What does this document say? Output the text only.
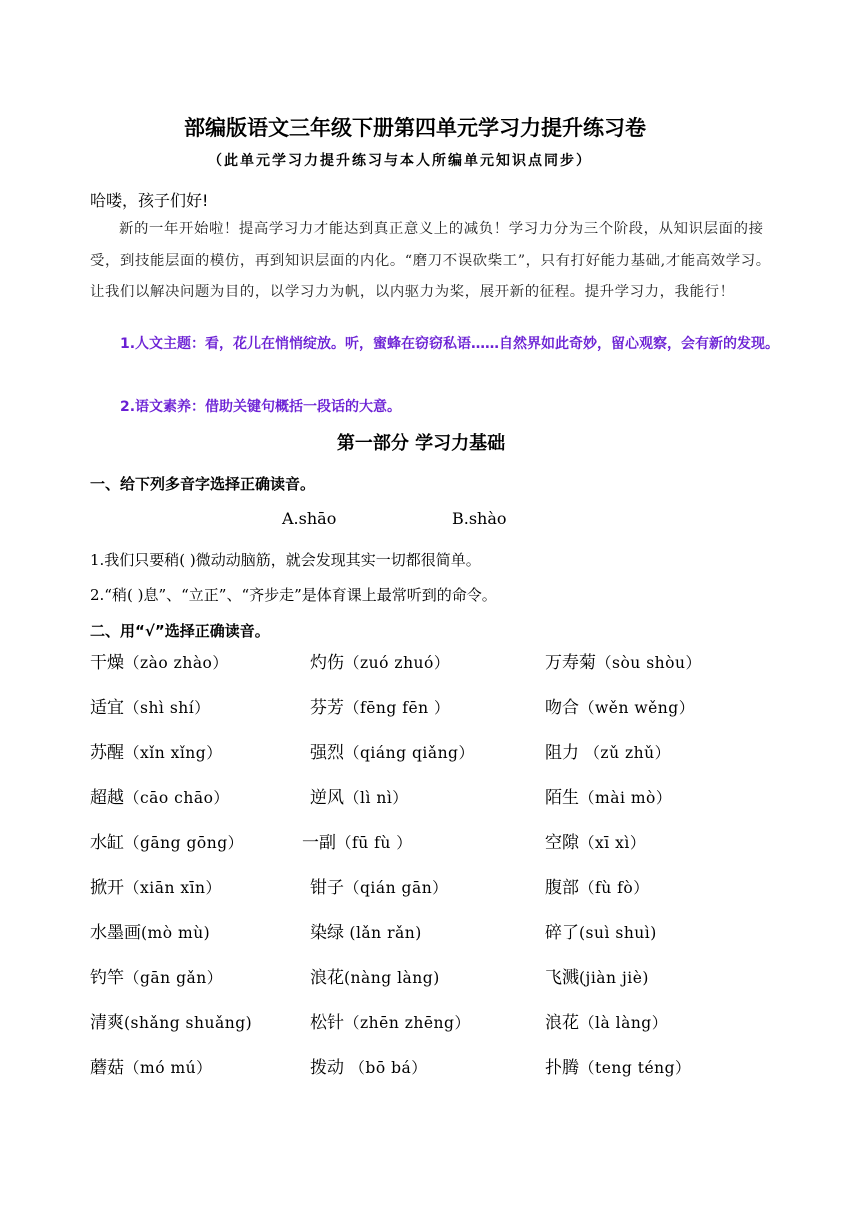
部编版语文三年级下册第四单元学习力提升练习卷
（此单元学习力提升练习与本人所编单元知识点同步）
哈喽，孩子们好!
新的一年开始啦！提高学习力才能达到真正意义上的减负！学习力分为三个阶段，从知识层面的接受，到技能层面的模仿，再到知识层面的内化。“磨刀不误砍柴工”，只有打好能力基础,才能高效学习。让我们以解决问题为目的，以学习力为帆，以内驱力为桨，展开新的征程。提升学习力，我能行！
1.人文主题：看，花儿在悄悄绽放。听，蜜蜂在窃窃私语……自然界如此奇妙，留心观察，会有新的发现。
2.语文素养：借助关键句概括一段话的大意。
第一部分 学习力基础
一、给下列多音字选择正确读音。
A.shāo	B.shào
1.我们只要稍( )微动动脑筋，就会发现其实一切都很简单。
2.“稍( )息”、“立正”、“齐步走”是体育课上最常听到的命令。
二、用“√”选择正确读音。
干燥（zào zhào）	灼伤（zuó zhuó）	万寿菊（sòu shòu）
适宜（shì shí）	芬芳（fēng fēn ）	吻合（wěn wěng）
苏醒（xǐn xǐng）	强烈（qiáng qiǎng）	阻力 （zǔ zhǔ）
超越（cāo chāo）	逆风（lì nì）	陌生（mài mò）
水缸（gāng gōng）	一副（fū fù ）	空隙（xī xì）
掀开（xiān xīn）	钳子（qián gān）	腹部（fù fò）
水墨画(mò mù)	染绿 (lǎn rǎn)	碎了(suì shuì)
钓竿（gān gǎn）	浪花(nàng làng)	飞溅(jiàn jiè)
清爽(shǎng shuǎng)	松针（zhēn zhēng）	浪花（là làng）
蘑菇（mó mú）	拨动 （bō bá）	扑腾（teng téng）
